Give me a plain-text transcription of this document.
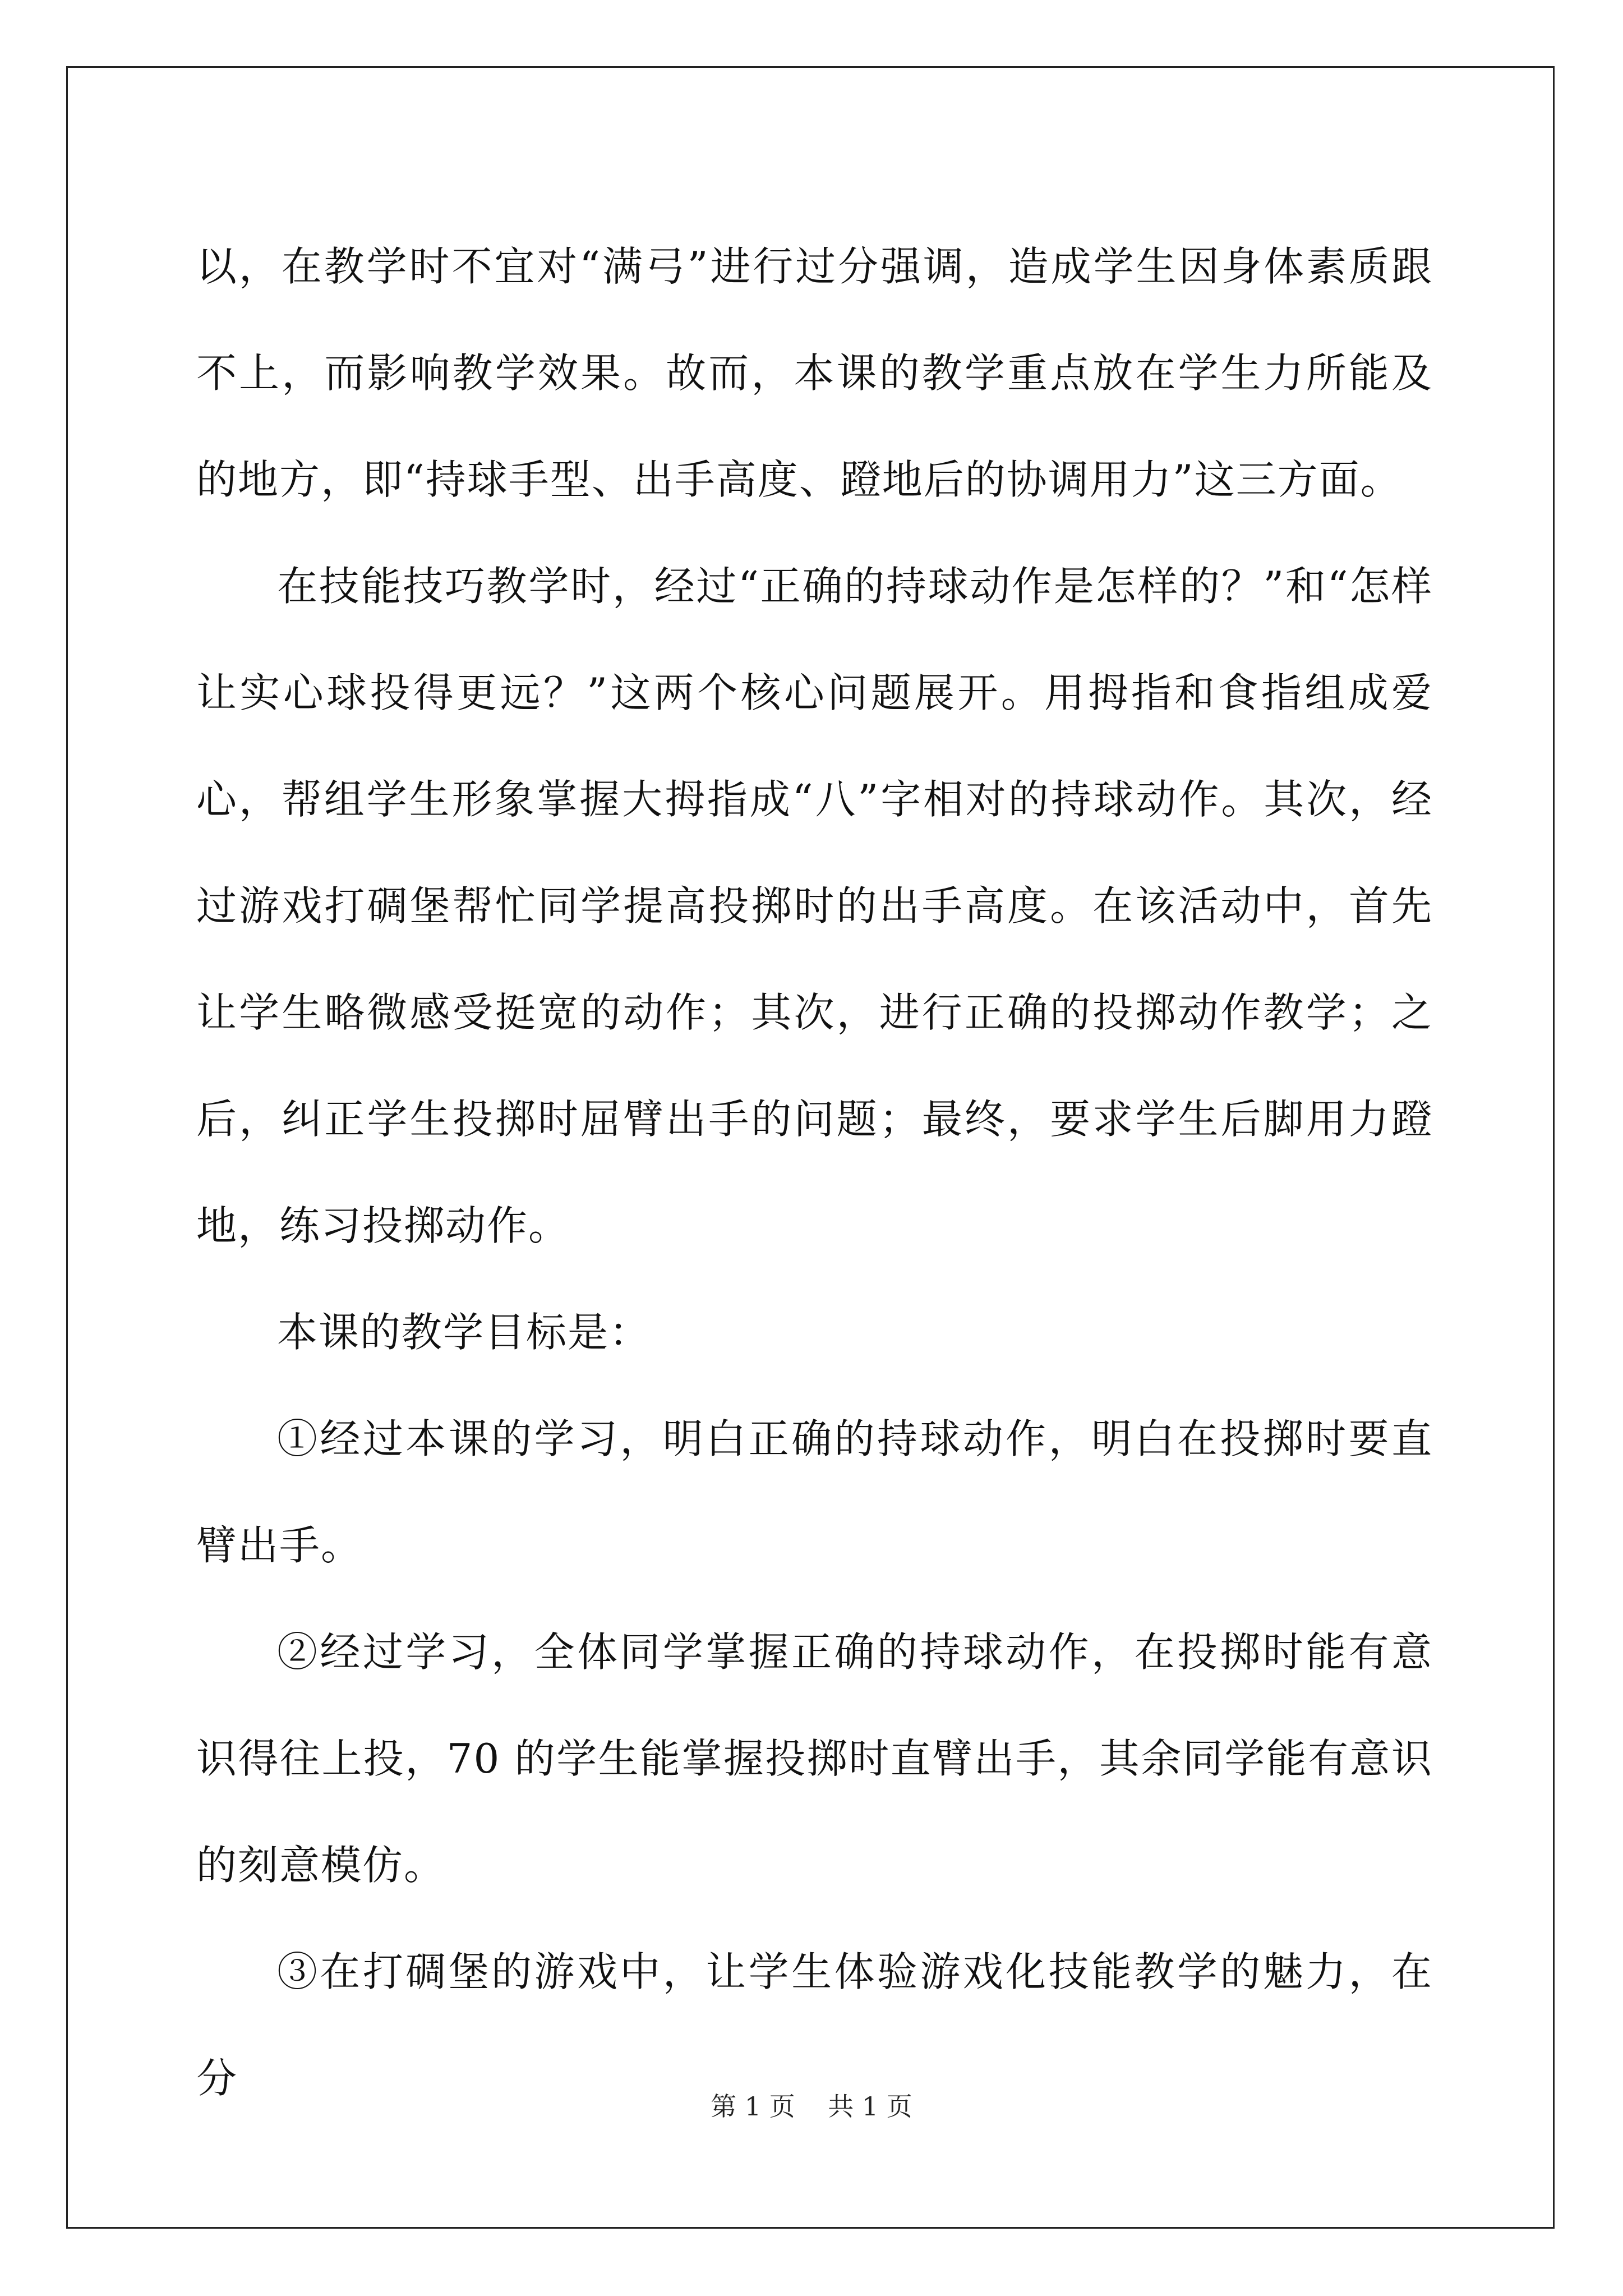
以，在教学时不宜对“满弓”进行过分强调，造成学生因身体素质跟不上，而影响教学效果。故而，本课的教学重点放在学生力所能及的地方，即“持球手型、出手高度、蹬地后的协调用力”这三方面。

在技能技巧教学时，经过“正确的持球动作是怎样的？”和“怎样让实心球投得更远？”这两个核心问题展开。用拇指和食指组成爱心，帮组学生形象掌握大拇指成“八”字相对的持球动作。其次，经过游戏打碉堡帮忙同学提高投掷时的出手高度。在该活动中，首先让学生略微感受挺宽的动作；其次，进行正确的投掷动作教学；之后，纠正学生投掷时屈臂出手的问题；最终，要求学生后脚用力蹬地，练习投掷动作。

本课的教学目标是：

①经过本课的学习，明白正确的持球动作，明白在投掷时要直臂出手。

②经过学习，全体同学掌握正确的持球动作，在投掷时能有意识得往上投，70 的学生能掌握投掷时直臂出手，其余同学能有意识的刻意模仿。

③在打碉堡的游戏中，让学生体验游戏化技能教学的魅力，在分

第 1 页    共 1 页
